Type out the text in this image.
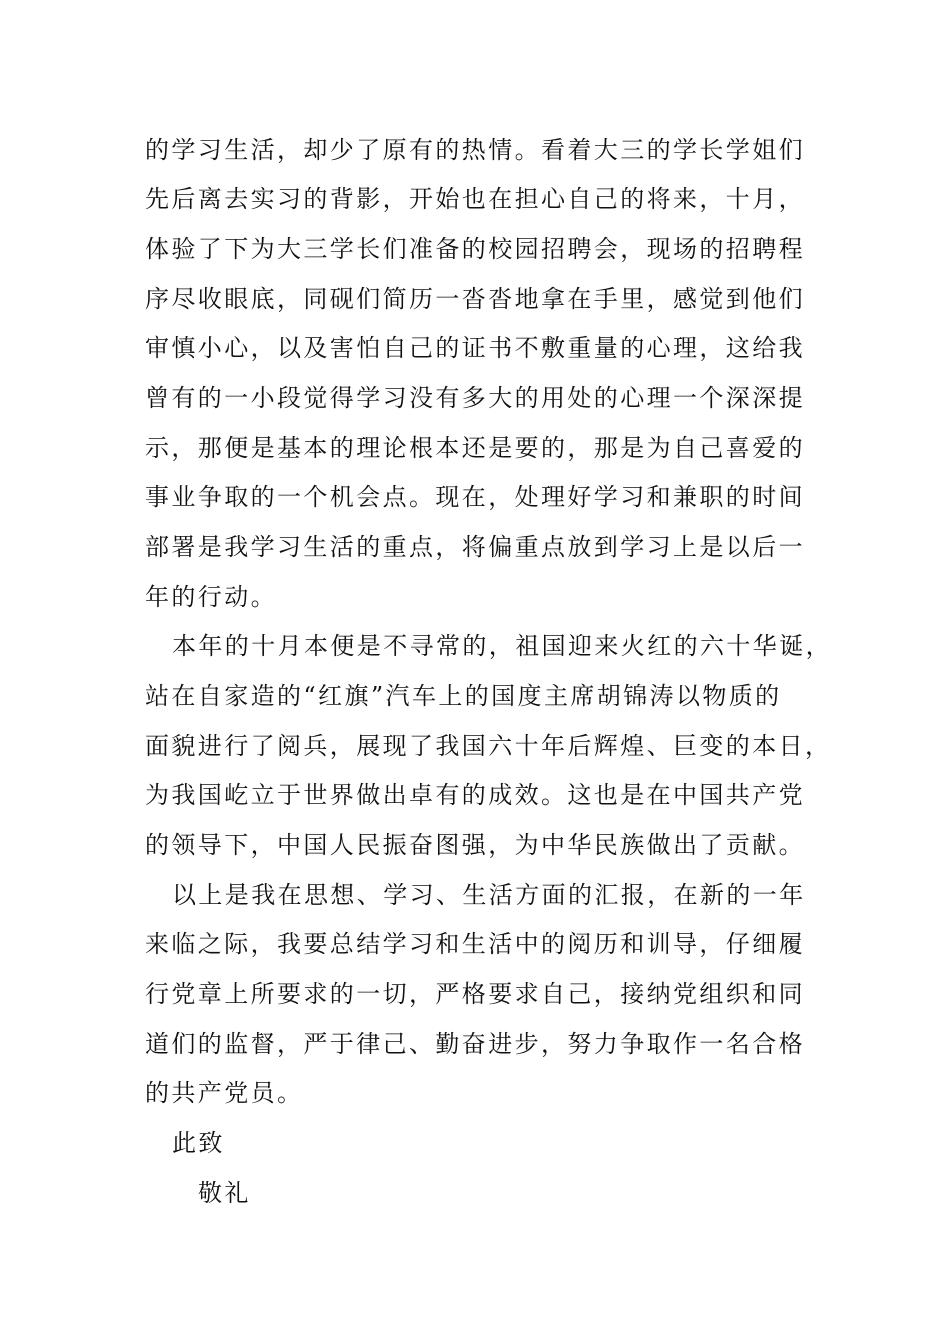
的学习生活，却少了原有的热情。看着大三的学长学姐们
先后离去实习的背影，开始也在担心自己的将来，十月，
体验了下为大三学长们准备的校园招聘会，现场的招聘程
序尽收眼底，同砚们简历一沓沓地拿在手里，感觉到他们
审慎小心，以及害怕自己的证书不敷重量的心理，这给我
曾有的一小段觉得学习没有多大的用处的心理一个深深提
示，那便是基本的理论根本还是要的，那是为自己喜爱的
事业争取的一个机会点。现在，处理好学习和兼职的时间
部署是我学习生活的重点，将偏重点放到学习上是以后一
年的行动。
本年的十月本便是不寻常的，祖国迎来火红的六十华诞，
站在自家造的“红旗”汽车上的国度主席胡锦涛以物质的
面貌进行了阅兵，展现了我国六十年后辉煌、巨变的本日，
为我国屹立于世界做出卓有的成效。这也是在中国共产党
的领导下，中国人民振奋图强，为中华民族做出了贡献。
以上是我在思想、学习、生活方面的汇报，在新的一年
来临之际，我要总结学习和生活中的阅历和训导，仔细履
行党章上所要求的一切，严格要求自己，接纳党组织和同
道们的监督，严于律己、勤奋进步，努力争取作一名合格
的共产党员。
此致
敬礼
